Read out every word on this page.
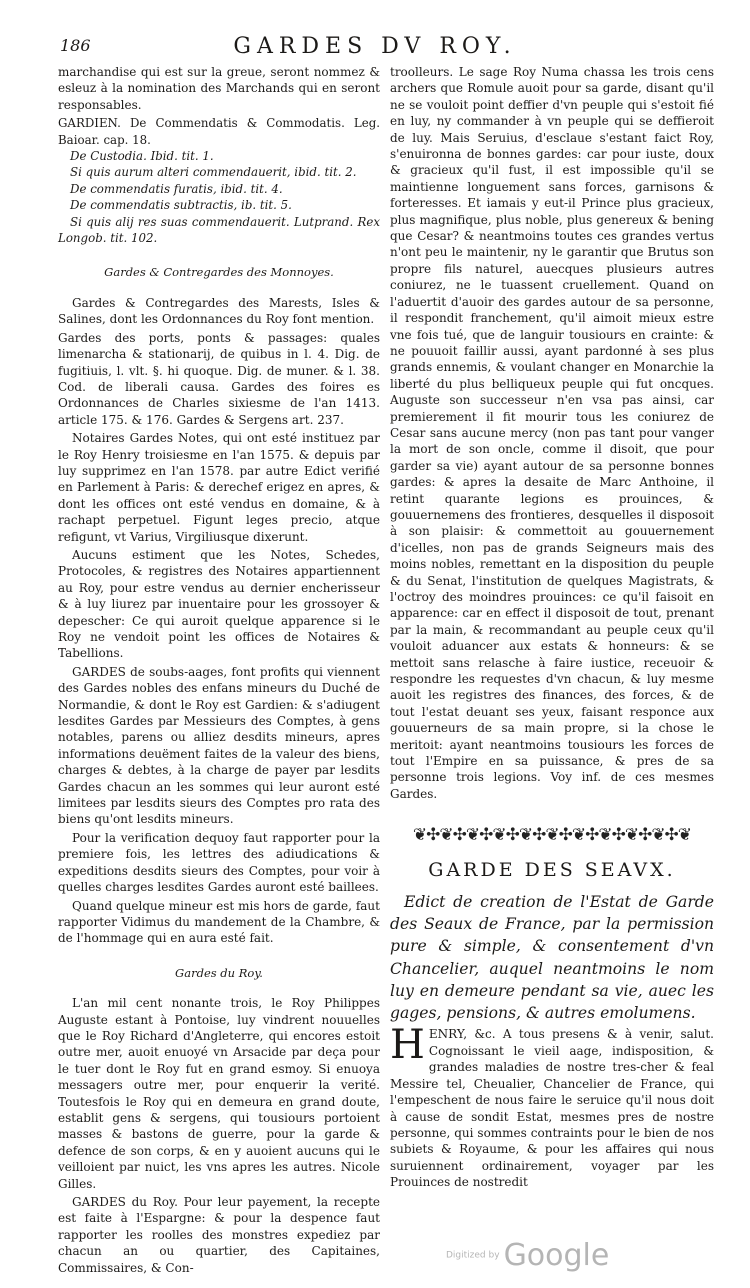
186	GARDES DV ROY.

marchandise qui est sur la greue, seront nommez & esleuz à la nomination des Marchands qui en seront responsables.

GARDIEN. De Commendatis & Commodatis. Leg. Baioar. cap. 18.

De Custodia. Ibid. tit. 1.

Si quis aurum alteri commendauerit, ibid. tit. 2.

De commendatis furatis, ibid. tit. 4.

De commendatis subtractis, ib. tit. 5.

Si quis alij res suas commendauerit. Lutprand. Rex Longob. tit. 102.

Gardes & Contregardes des Monnoyes.

Gardes & Contregardes des Marests, Isles & Salines, dont les Ordonnances du Roy font mention.

Gardes des ports, ponts & passages: quales limenarcha & stationarij, de quibus in l. 4. Dig. de fugitiuis, l. vlt. §. hi quoque. Dig. de muner. & l. 38. Cod. de liberali causa. Gardes des foires es Ordonnances de Charles sixiesme de l'an 1413. article 175. & 176. Gardes & Sergens art. 237.

Notaires Gardes Notes, qui ont esté instituez par le Roy Henry troisiesme en l'an 1575. & depuis par luy supprimez en l'an 1578. par autre Edict verifié en Parlement à Paris: & derechef erigez en apres, & dont les offices ont esté vendus en domaine, & à rachapt perpetuel. Figunt leges precio, atque refigunt, vt Varius, Virgiliusque dixerunt.

Aucuns estiment que les Notes, Schedes, Protocoles, & registres des Notaires appartiennent au Roy, pour estre vendus au dernier encherisseur & à luy liurez par inuentaire pour les grossoyer & depescher: Ce qui auroit quelque apparence si le Roy ne vendoit point les offices de Notaires & Tabellions.

GARDES de soubs-aages, font profits qui viennent des Gardes nobles des enfans mineurs du Duché de Normandie, & dont le Roy est Gardien: & s'adiugent lesdites Gardes par Messieurs des Comptes, à gens notables, parens ou alliez desdits mineurs, apres informations deuëment faites de la valeur des biens, charges & debtes, à la charge de payer par lesdits Gardes chacun an les sommes qui leur auront esté limitees par lesdits sieurs des Comptes pro rata des biens qu'ont lesdits mineurs.

Pour la verification dequoy faut rapporter pour la premiere fois, les lettres des adiudications & expeditions desdits sieurs des Comptes, pour voir à quelles charges lesdites Gardes auront esté baillees.

Quand quelque mineur est mis hors de garde, faut rapporter Vidimus du mandement de la Chambre, & de l'hommage qui en aura esté fait.

Gardes du Roy.

L'an mil cent nonante trois, le Roy Philippes Auguste estant à Pontoise, luy vindrent nouuelles que le Roy Richard d'Angleterre, qui encores estoit outre mer, auoit enuoyé vn Arsacide par deça pour le tuer dont le Roy fut en grand esmoy. Si enuoya messagers outre mer, pour enquerir la verité. Toutesfois le Roy qui en demeura en grand doute, establit gens & sergens, qui tousiours portoient masses & bastons de guerre, pour la garde & defence de son corps, & en y auoient aucuns qui le veilloient par nuict, les vns apres les autres. Nicole Gilles.

GARDES du Roy. Pour leur payement, la recepte est faite à l'Espargne: & pour la despence faut rapporter les roolles des monstres expediez par chacun an ou quartier, des Capitaines, Commissaires, & Con-

troolleurs. Le sage Roy Numa chassa les trois cens archers que Romule auoit pour sa garde, disant qu'il ne se vouloit point deffier d'vn peuple qui s'estoit fié en luy, ny commander à vn peuple qui se deffieroit de luy. Mais Seruius, d'esclaue s'estant faict Roy, s'enuironna de bonnes gardes: car pour iuste, doux & gracieux qu'il fust, il est impossible qu'il se maintienne longuement sans forces, garnisons & forteresses. Et iamais y eut-il Prince plus gracieux, plus magnifique, plus noble, plus genereux & bening que Cesar? & neantmoins toutes ces grandes vertus n'ont peu le maintenir, ny le garantir que Brutus son propre fils naturel, auecques plusieurs autres coniurez, ne le tuassent cruellement. Quand on l'aduertit d'auoir des gardes autour de sa personne, il respondit franchement, qu'il aimoit mieux estre vne fois tué, que de languir tousiours en crainte: & ne pouuoit faillir aussi, ayant pardonné à ses plus grands ennemis, & voulant changer en Monarchie la liberté du plus belliqueux peuple qui fut oncques. Auguste son successeur n'en vsa pas ainsi, car premierement il fit mourir tous les coniurez de Cesar sans aucune mercy (non pas tant pour vanger la mort de son oncle, comme il disoit, que pour garder sa vie) ayant autour de sa personne bonnes gardes: & apres la desaite de Marc Anthoine, il retint quarante legions es prouinces, & gouuernemens des frontieres, desquelles il disposoit à son plaisir: & commettoit au gouuernement d'icelles, non pas de grands Seigneurs mais des moins nobles, remettant en la disposition du peuple & du Senat, l'institution de quelques Magistrats, & l'octroy des moindres prouinces: ce qu'il faisoit en apparence: car en effect il disposoit de tout, prenant par la main, & recommandant au peuple ceux qu'il vouloit aduancer aux estats & honneurs: & se mettoit sans relasche à faire iustice, receuoir & respondre les requestes d'vn chacun, & luy mesme auoit les registres des finances, des forces, & de tout l'estat deuant ses yeux, faisant responce aux gouuerneurs de sa main propre, si la chose le meritoit: ayant neantmoins tousiours les forces de tout l'Empire en sa puissance, & pres de sa personne trois legions. Voy inf. de ces mesmes Gardes.

❦✣❦✣❦✣❦✣❦✣❦✣❦✣❦✣❦✣❦✣❦
GARDE DES SEAVX.

Edict de creation de l'Estat de Garde des Seaux de France, par la permission pure & simple, & consentement d'vn Chancelier, auquel neantmoins le nom luy en demeure pendant sa vie, auec les gages, pensions, & autres emolumens.

HENRY, &c. A tous presens & à venir, salut. Cognoissant le vieil aage, indisposition, & grandes maladies de nostre tres-cher & feal Messire tel, Cheualier, Chancelier de France, qui l'empeschent de nous faire le seruice qu'il nous doit à cause de sondit Estat, mesmes pres de nostre personne, qui sommes contraints pour le bien de nos subiets & Royaume, & pour les affaires qui nous suruiennent ordinairement, voyager par les Prouinces de nostredit

Digitized by Google
